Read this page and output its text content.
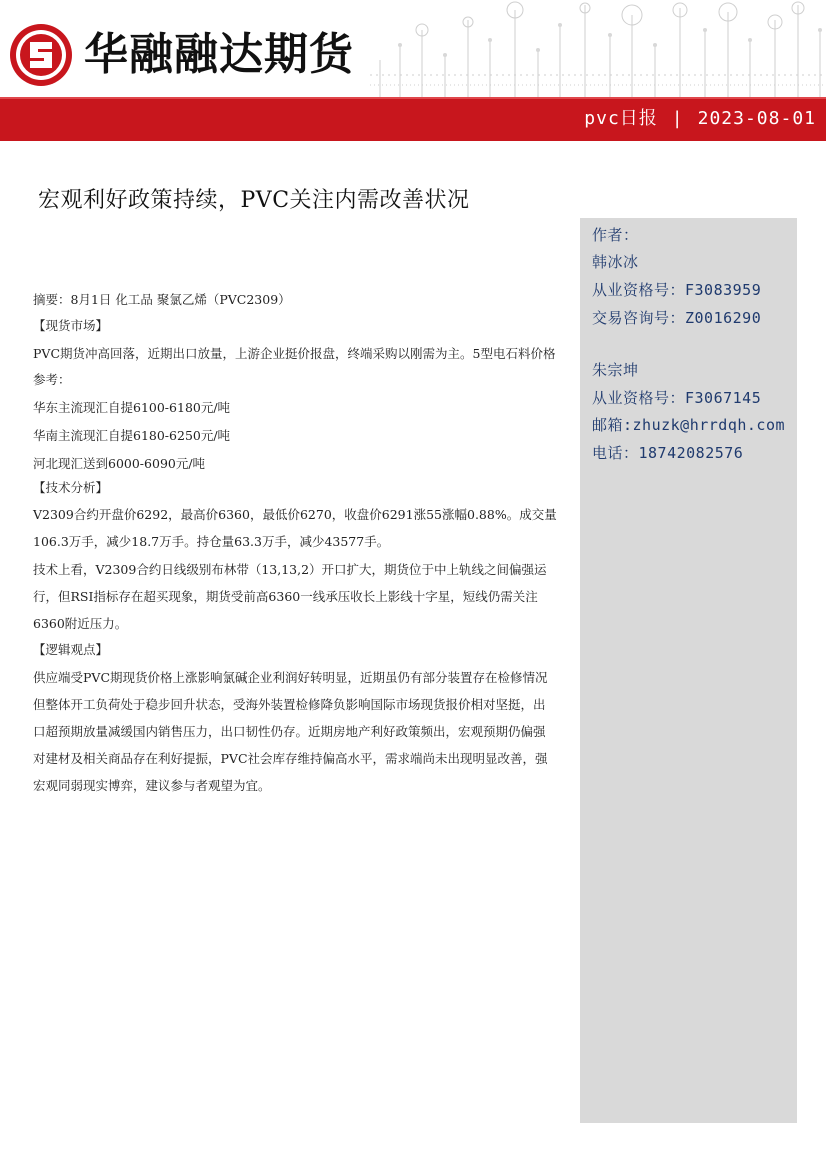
华融融达期货
pvc日报 | 2023-08-01
宏观利好政策持续，PVC关注内需改善状况
作者：
韩冰冰
从业资格号：F3083959
交易咨询号：Z0016290
朱宗坤
从业资格号：F3067145
邮箱:zhuzk@hrrdqh.com
电话：18742082576

摘要：8月1日 化工品 聚氯乙烯（PVC2309）

【现货市场】

PVC期货冲高回落，近期出口放量，上游企业挺价报盘，终端采购以刚需为主。5型电石料价格

参考：

华东主流现汇自提6100-6180元/吨

华南主流现汇自提6180-6250元/吨

河北现汇送到6000-6090元/吨

【技术分析】

V2309合约开盘价6292，最高价6360，最低价6270，收盘价6291涨55涨幅0.88%。成交量

106.3万手，减少18.7万手。持仓量63.3万手，减少43577手。

技术上看，V2309合约日线级别布林带（13,13,2）开口扩大，期货位于中上轨线之间偏强运

行，但RSI指标存在超买现象，期货受前高6360一线承压收长上影线十字星，短线仍需关注

6360附近压力。

【逻辑观点】

供应端受PVC期现货价格上涨影响氯碱企业利润好转明显，近期虽仍有部分装置存在检修情况

但整体开工负荷处于稳步回升状态，受海外装置检修降负影响国际市场现货报价相对坚挺，出

口超预期放量减缓国内销售压力，出口韧性仍存。近期房地产利好政策频出，宏观预期仍偏强

对建材及相关商品存在利好提振，PVC社会库存维持偏高水平，需求端尚未出现明显改善，强

宏观同弱现实博弈，建议参与者观望为宜。
